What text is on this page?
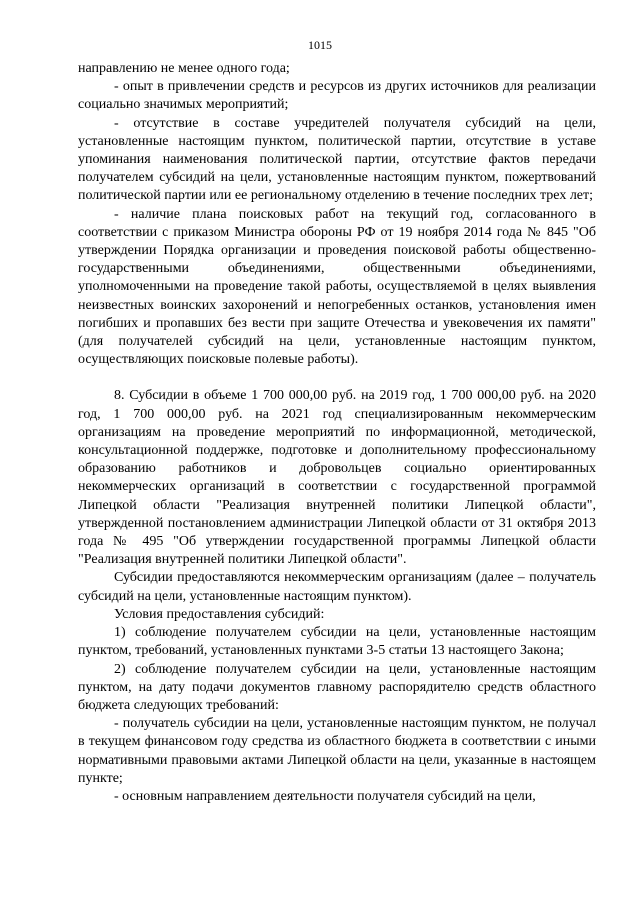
1015

направлению не менее одного года;

- опыт в привлечении средств и ресурсов из других источников для реализации социально значимых мероприятий;

- отсутствие в составе учредителей получателя субсидий на цели, установленные настоящим пунктом, политической партии, отсутствие в уставе упоминания наименования политической партии, отсутствие фактов передачи получателем субсидий на цели, установленные настоящим пунктом, пожертвований политической партии или ее региональному отделению в течение последних трех лет;

- наличие плана поисковых работ на текущий год, согласованного в соответствии с приказом Министра обороны РФ от 19 ноября 2014 года № 845 "Об утверждении Порядка организации и проведения поисковой работы общественно-государственными объединениями, общественными объединениями, уполномоченными на проведение такой работы, осуществляемой в целях выявления неизвестных воинских захоронений и непогребенных останков, установления имен погибших и пропавших без вести при защите Отечества и увековечения их памяти" (для получателей субсидий на цели, установленные настоящим пунктом, осуществляющих поисковые полевые работы).

8. Субсидии в объеме 1 700 000,00 руб. на 2019 год, 1 700 000,00 руб. на 2020 год, 1 700 000,00 руб. на 2021 год специализированным некоммерческим организациям на проведение мероприятий по информационной, методической, консультационной поддержке, подготовке и дополнительному профессиональному образованию работников и добровольцев социально ориентированных некоммерческих организаций в соответствии с государственной программой Липецкой области "Реализация внутренней политики Липецкой области", утвержденной постановлением администрации Липецкой области от 31 октября 2013 года № 495 "Об утверждении государственной программы Липецкой области "Реализация внутренней политики Липецкой области".

Субсидии предоставляются некоммерческим организациям (далее – получатель субсидий на цели, установленные настоящим пунктом).

Условия предоставления субсидий:

1) соблюдение получателем субсидии на цели, установленные настоящим пунктом, требований, установленных пунктами 3-5 статьи 13 настоящего Закона;

2) соблюдение получателем субсидии на цели, установленные настоящим пунктом, на дату подачи документов главному распорядителю средств областного бюджета следующих требований:

- получатель субсидии на цели, установленные настоящим пунктом, не получал в текущем финансовом году средства из областного бюджета в соответствии с иными нормативными правовыми актами Липецкой области на цели, указанные в настоящем пункте;

- основным направлением деятельности получателя субсидий на цели,
